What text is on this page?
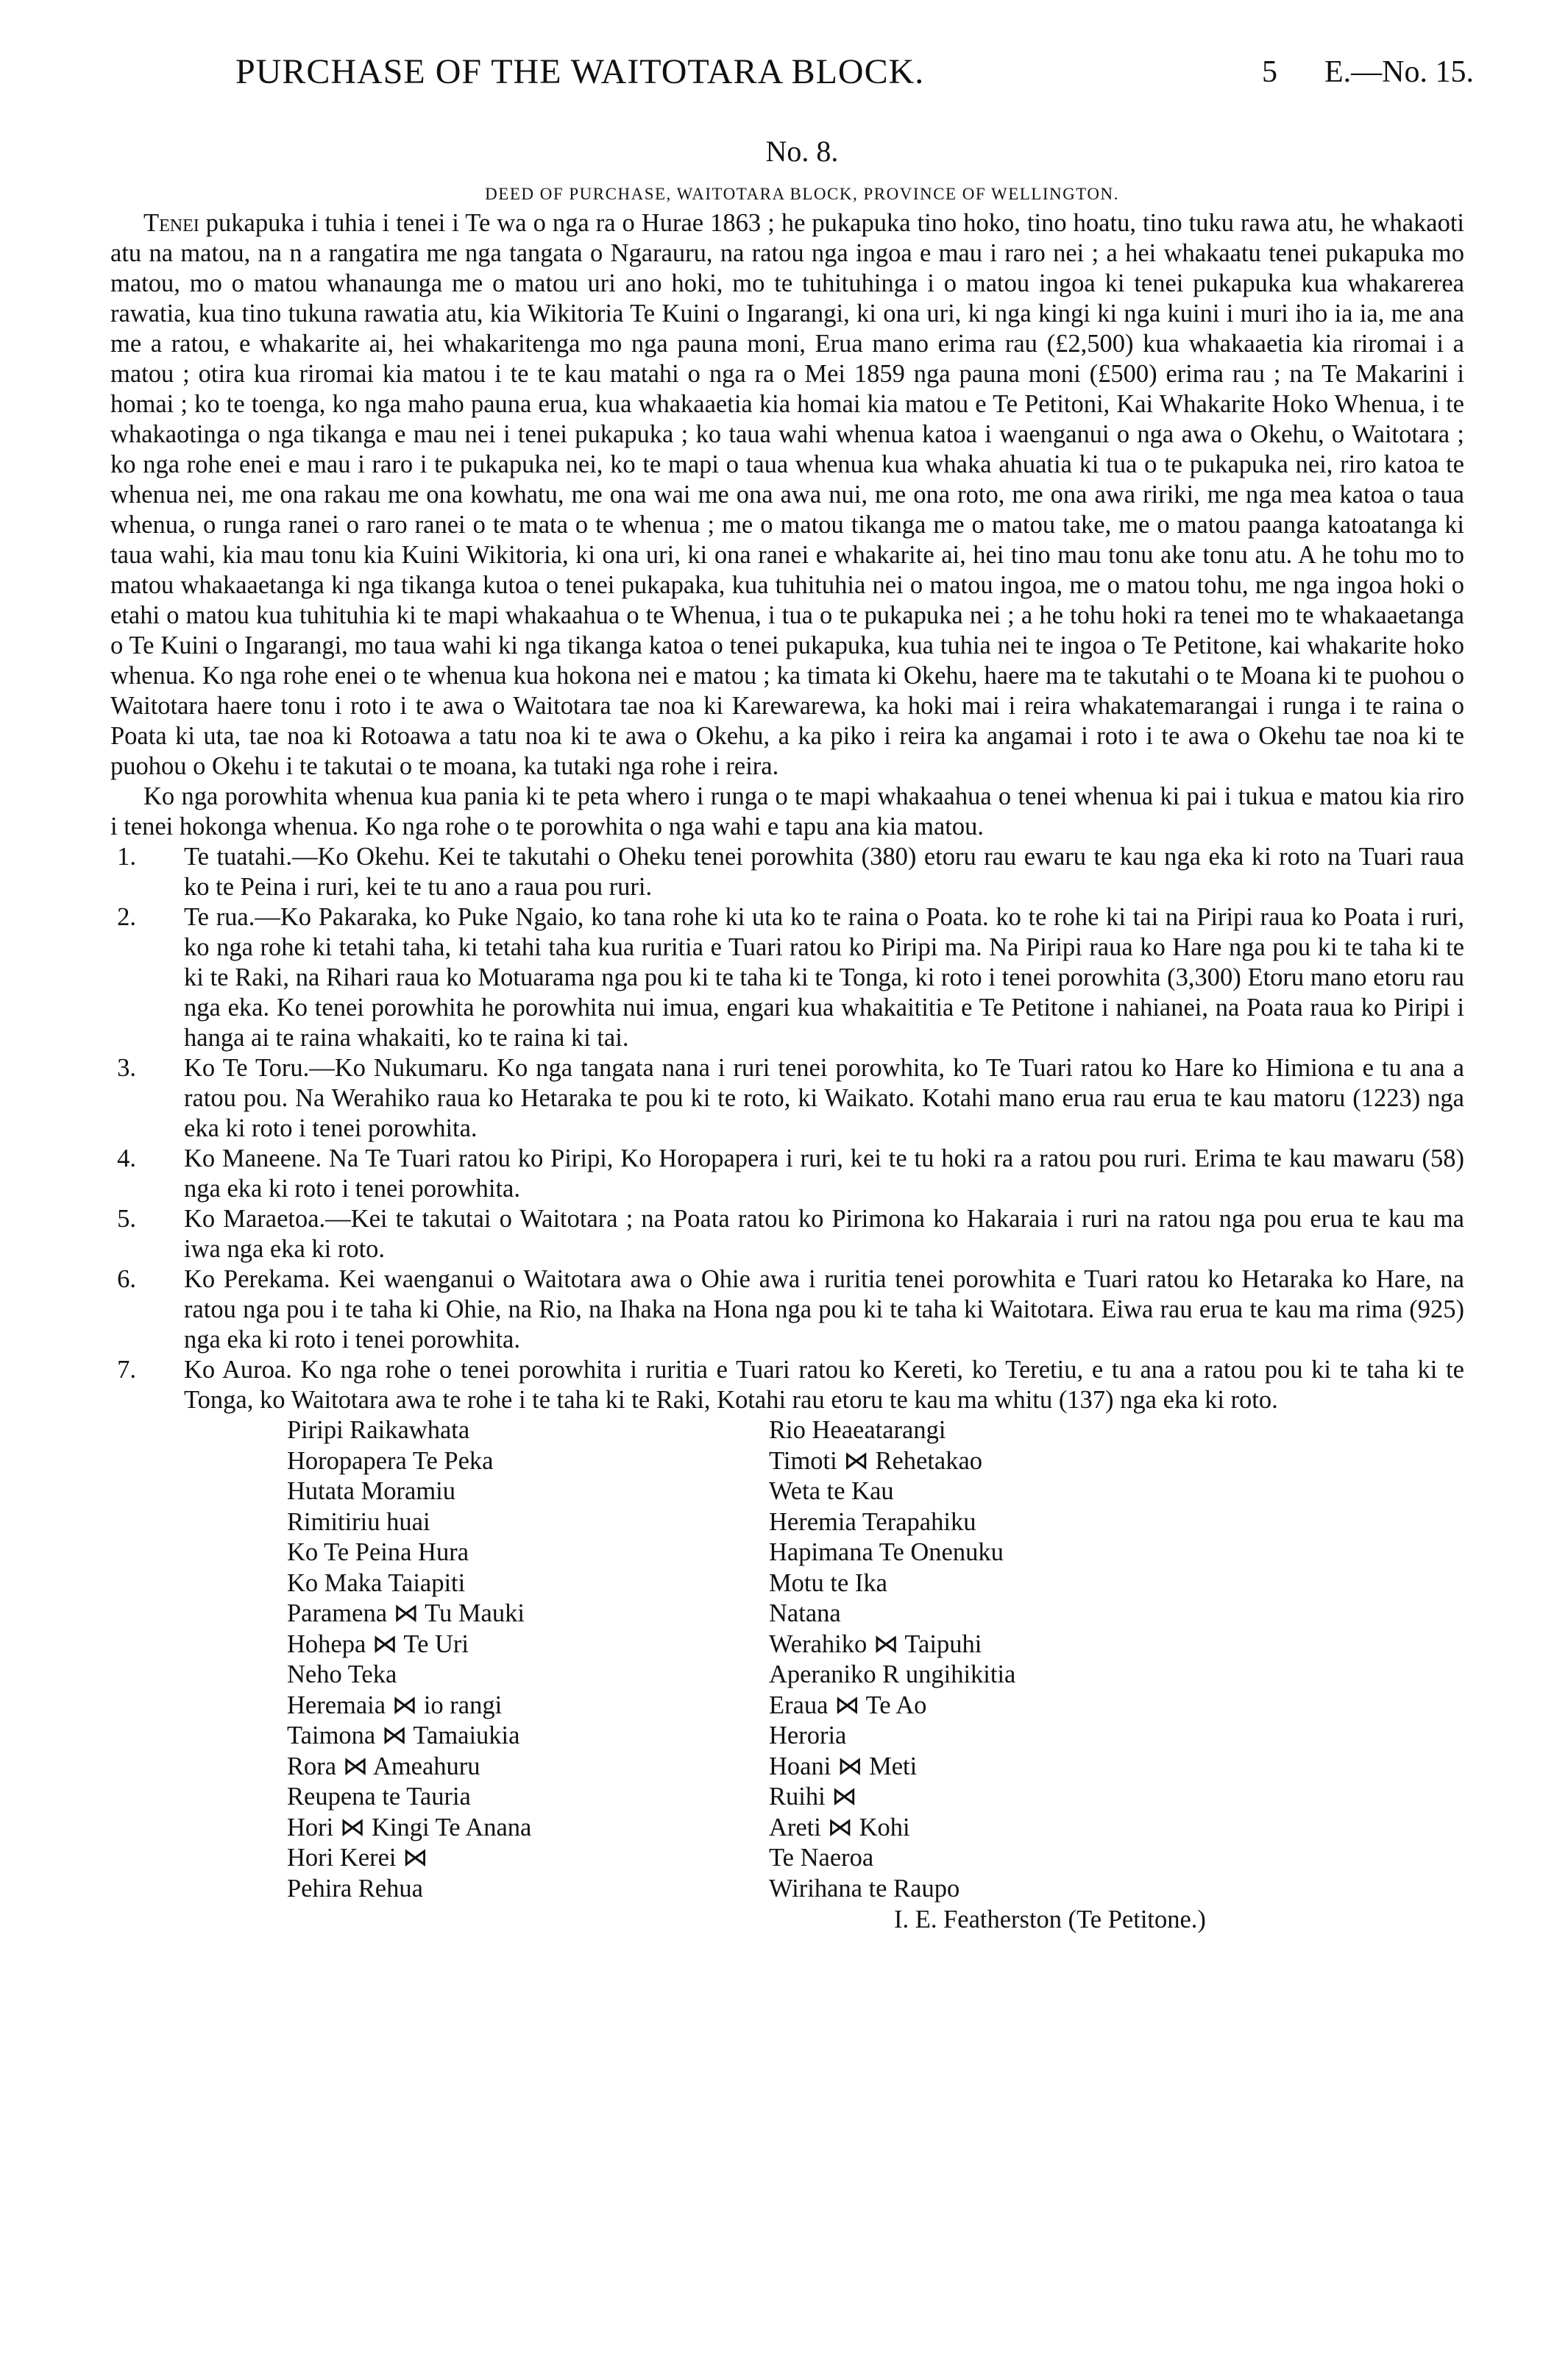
PURCHASE OF THE WAITOTARA BLOCK.	5 E.—No. 15.
No. 8.
DEED OF PURCHASE, WAITOTARA BLOCK, PROVINCE OF WELLINGTON.

Tenei pukapuka i tuhia i tenei i Te wa o nga ra o Hurae 1863 ; he pukapuka tino hoko, tino hoatu, tino tuku rawa atu, he whakaoti atu na matou, na n a rangatira me nga tangata o Ngarauru, na ratou nga ingoa e mau i raro nei ; a hei whakaatu tenei pukapuka mo matou, mo o matou whanaunga me o matou uri ano hoki, mo te tuhituhinga i o matou ingoa ki tenei pukapuka kua whakarerea rawatia, kua tino tukuna rawatia atu, kia Wikitoria Te Kuini o Ingarangi, ki ona uri, ki nga kingi ki nga kuini i muri iho ia ia, me ana me a ratou, e whakarite ai, hei whakaritenga mo nga pauna moni, Erua mano erima rau (£2,500) kua whakaaetia kia riromai i a matou ; otira kua riromai kia matou i te te kau matahi o nga ra o Mei 1859 nga pauna moni (£500) erima rau ; na Te Makarini i homai ; ko te toenga, ko nga maho pauna erua, kua whakaaetia kia homai kia matou e Te Petitoni, Kai Whakarite Hoko Whenua, i te whakaotinga o nga tikanga e mau nei i tenei pukapuka ; ko taua wahi whenua katoa i waenganui o nga awa o Okehu, o Waitotara ; ko nga rohe enei e mau i raro i te pukapuka nei, ko te mapi o taua whenua kua whaka ahuatia ki tua o te pukapuka nei, riro katoa te whenua nei, me ona rakau me ona kowhatu, me ona wai me ona awa nui, me ona roto, me ona awa ririki, me nga mea katoa o taua whenua, o runga ranei o raro ranei o te mata o te whenua ; me o matou tikanga me o matou take, me o matou paanga katoatanga ki taua wahi, kia mau tonu kia Kuini Wikitoria, ki ona uri, ki ona ranei e whakarite ai, hei tino mau tonu ake tonu atu. A he tohu mo to matou whakaaetanga ki nga tikanga kutoa o tenei pukapaka, kua tuhituhia nei o matou ingoa, me o matou tohu, me nga ingoa hoki o etahi o matou kua tuhituhia ki te mapi whakaahua o te Whenua, i tua o te pukapuka nei ; a he tohu hoki ra tenei mo te whakaaetanga o Te Kuini o Ingarangi, mo taua wahi ki nga tikanga katoa o tenei pukapuka, kua tuhia nei te ingoa o Te Petitone, kai whakarite hoko whenua. Ko nga rohe enei o te whenua kua hokona nei e matou ; ka timata ki Okehu, haere ma te takutahi o te Moana ki te puohou o Waitotara haere tonu i roto i te awa o Waitotara tae noa ki Karewarewa, ka hoki mai i reira whakatemarangai i runga i te raina o Poata ki uta, tae noa ki Rotoawa a tatu noa ki te awa o Okehu, a ka piko i reira ka angamai i roto i te awa o Okehu tae noa ki te puohou o Okehu i te takutai o te moana, ka tutaki nga rohe i reira.

Ko nga porowhita whenua kua pania ki te peta whero i runga o te mapi whakaahua o tenei whenua ki pai i tukua e matou kia riro i tenei hokonga whenua. Ko nga rohe o te porowhita o nga wahi e tapu ana kia matou.

1. Te tuatahi.—Ko Okehu. Kei te takutahi o Oheku tenei porowhita (380) etoru rau ewaru te kau nga eka ki roto na Tuari raua ko te Peina i ruri, kei te tu ano a raua pou ruri.
2. Te rua.—Ko Pakaraka, ko Puke Ngaio, ko tana rohe ki uta ko te raina o Poata. ko te rohe ki tai na Piripi raua ko Poata i ruri, ko nga rohe ki tetahi taha, ki tetahi taha kua ruritia e Tuari ratou ko Piripi ma. Na Piripi raua ko Hare nga pou ki te taha ki te ki te Raki, na Rihari raua ko Motuarama nga pou ki te taha ki te Tonga, ki roto i tenei porowhita (3,300) Etoru mano etoru rau nga eka. Ko tenei porowhita he porowhita nui imua, engari kua whakaititia e Te Petitone i nahianei, na Poata raua ko Piripi i hanga ai te raina whakaiti, ko te raina ki tai.
3. Ko Te Toru.—Ko Nukumaru. Ko nga tangata nana i ruri tenei porowhita, ko Te Tuari ratou ko Hare ko Himiona e tu ana a ratou pou. Na Werahiko raua ko Hetaraka te pou ki te roto, ki Waikato. Kotahi mano erua rau erua te kau matoru (1223) nga eka ki roto i tenei porowhita.
4. Ko Maneene. Na Te Tuari ratou ko Piripi, Ko Horopapera i ruri, kei te tu hoki ra a ratou pou ruri. Erima te kau mawaru (58) nga eka ki roto i tenei porowhita.
5. Ko Maraetoa.—Kei te takutai o Waitotara ; na Poata ratou ko Pirimona ko Hakaraia i ruri na ratou nga pou erua te kau ma iwa nga eka ki roto.
6. Ko Perekama. Kei waenganui o Waitotara awa o Ohie awa i ruritia tenei porowhita e Tuari ratou ko Hetaraka ko Hare, na ratou nga pou i te taha ki Ohie, na Rio, na Ihaka na Hona nga pou ki te taha ki Waitotara. Eiwa rau erua te kau ma rima (925) nga eka ki roto i tenei porowhita.
7. Ko Auroa. Ko nga rohe o tenei porowhita i ruritia e Tuari ratou ko Kereti, ko Teretiu, e tu ana a ratou pou ki te taha ki te Tonga, ko Waitotara awa te rohe i te taha ki te Raki, Kotahi rau etoru te kau ma whitu (137) nga eka ki roto.
Piripi Raikawhata
Horopapera Te Peka
Hutata Moramiu
Rimitiriu huai
Ko Te Peina Hura
Ko Maka Taiapiti
Paramena ⋈ Tu Mauki
Hohepa ⋈ Te Uri
Neho Teka
Heremaia ⋈ io rangi
Taimona ⋈ Tamaiukia
Rora ⋈ Ameahuru
Reupena te Tauria
Hori ⋈ Kingi Te Anana
Hori Kerei ⋈
Pehira Rehua
Rio Heaeatarangi
Timoti ⋈ Rehetakao
Weta te Kau
Heremia Terapahiku
Hapimana Te Onenuku
Motu te Ika
Natana
Werahiko ⋈ Taipuhi
Aperaniko R ungihikitia
Eraua ⋈ Te Ao
Heroria
Hoani ⋈ Meti
Ruihi ⋈
Areti ⋈ Kohi
Te Naeroa
Wirihana te Raupo
I. E. Featherston (Te Petitone.)
